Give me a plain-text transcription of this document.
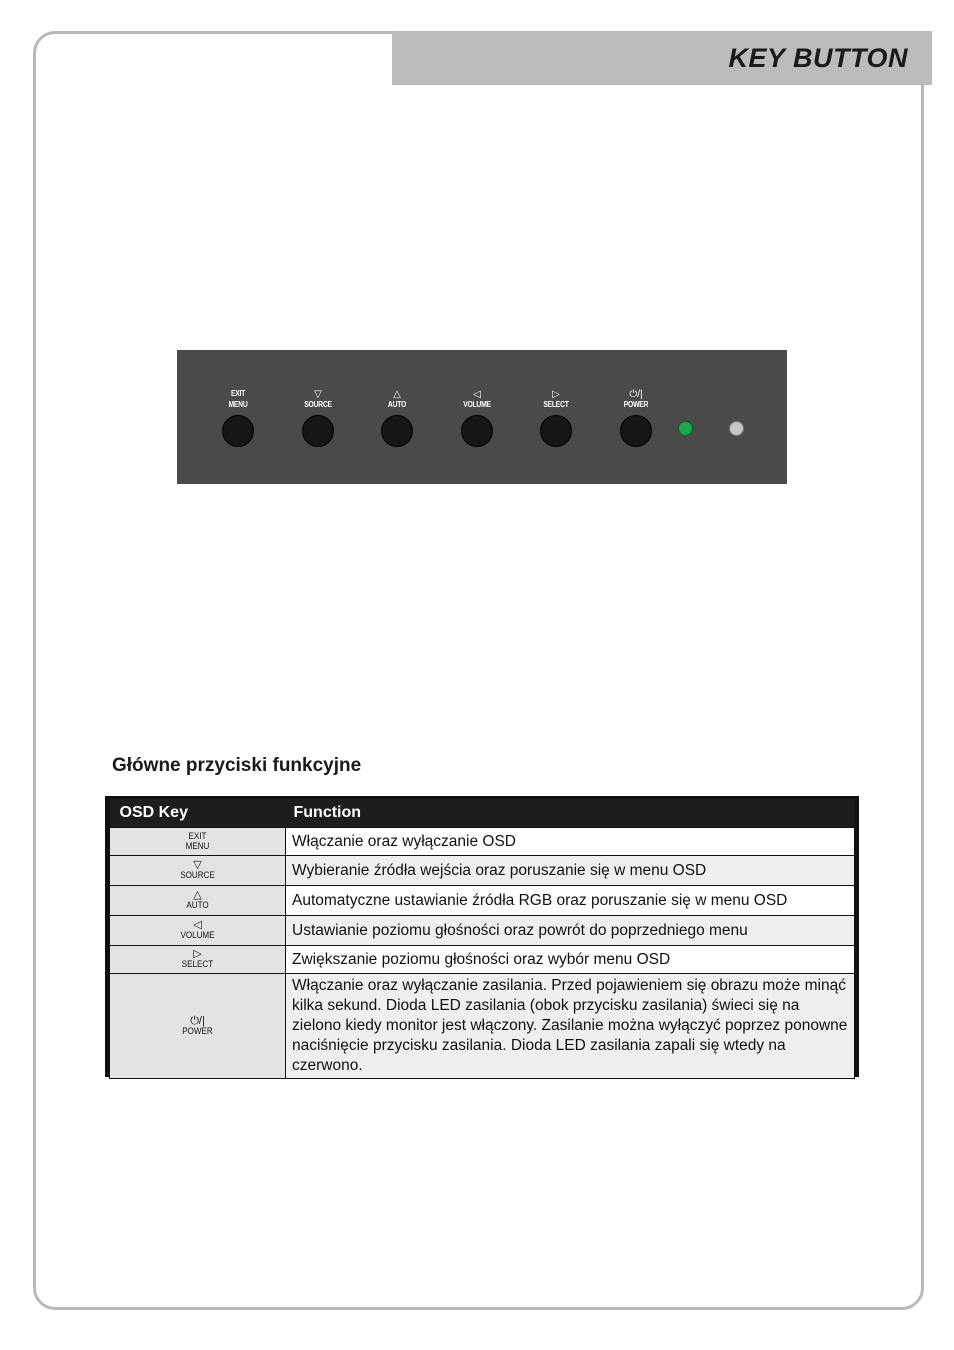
KEY BUTTON
EXIT
MENU
▽
SOURCE
△
AUTO
◁
VOLUME
▷
SELECT
⏻/|
POWER
Główne przyciski funkcyjne
OSD Key	Function

EXIT
MENU	Włączanie oraz wyłączanie OSD

▽
SOURCE	Wybieranie źródła wejścia oraz poruszanie się w menu OSD

△
AUTO	Automatyczne ustawianie źródła RGB oraz poruszanie się w menu OSD

◁
VOLUME	Ustawianie poziomu głośności oraz powrót do poprzedniego menu

▷
SELECT	Zwiększanie poziomu głośności oraz wybór menu OSD

⏻/|
POWER	Włączanie oraz wyłączanie zasilania. Przed pojawieniem się obrazu może minąć kilka sekund. Dioda LED zasilania (obok przycisku zasilania) świeci się na zielono kiedy monitor jest włączony. Zasilanie można wyłączyć poprzez ponowne naciśnięcie przycisku zasilania. Dioda LED zasilania zapali się wtedy na czerwono.
